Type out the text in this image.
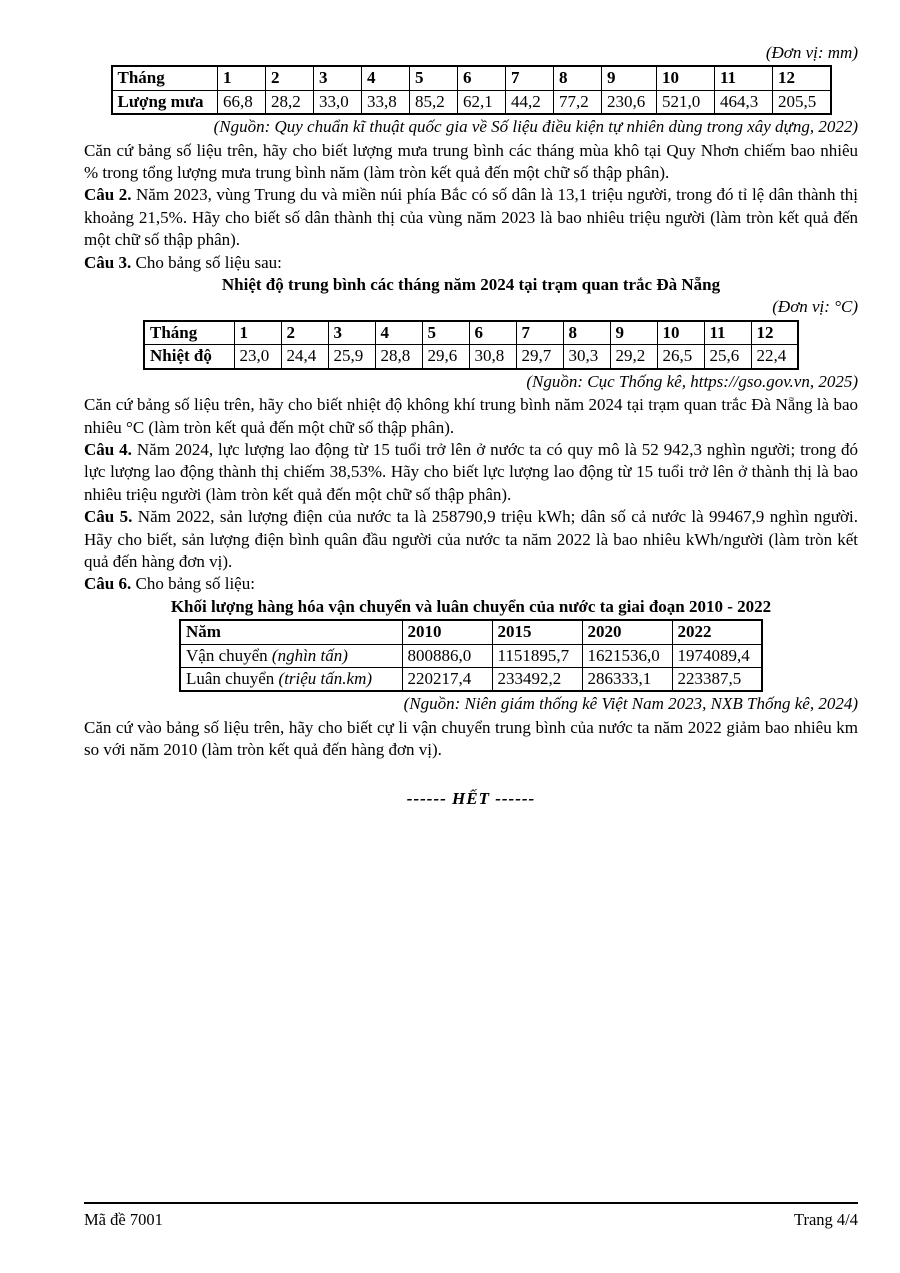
(Đơn vị: mm)
Tháng	1	2	3	4	5	6	7	8	9	10	11	12
Lượng mưa	66,8	28,2	33,0	33,8	85,2	62,1	44,2	77,2	230,6	521,0	464,3	205,5
(Nguồn: Quy chuẩn kĩ thuật quốc gia về Số liệu điều kiện tự nhiên dùng trong xây dựng, 2022)

Căn cứ bảng số liệu trên, hãy cho biết lượng mưa trung bình các tháng mùa khô tại Quy Nhơn chiếm bao nhiêu % trong tổng lượng mưa trung bình năm (làm tròn kết quả đến một chữ số thập phân).

Câu 2. Năm 2023, vùng Trung du và miền núi phía Bắc có số dân là 13,1 triệu người, trong đó tỉ lệ dân thành thị khoảng 21,5%. Hãy cho biết số dân thành thị của vùng năm 2023 là bao nhiêu triệu người (làm tròn kết quả đến một chữ số thập phân).

Câu 3. Cho bảng số liệu sau:

Nhiệt độ trung bình các tháng năm 2024 tại trạm quan trắc Đà Nẵng
(Đơn vị: °C)
Tháng	1	2	3	4	5	6	7	8	9	10	11	12
Nhiệt độ	23,0	24,4	25,9	28,8	29,6	30,8	29,7	30,3	29,2	26,5	25,6	22,4
(Nguồn: Cục Thống kê, https://gso.gov.vn, 2025)

Căn cứ bảng số liệu trên, hãy cho biết nhiệt độ không khí trung bình năm 2024 tại trạm quan trắc Đà Nẵng là bao nhiêu °C (làm tròn kết quả đến một chữ số thập phân).

Câu 4. Năm 2024, lực lượng lao động từ 15 tuổi trở lên ở nước ta có quy mô là 52 942,3 nghìn người; trong đó lực lượng lao động thành thị chiếm 38,53%. Hãy cho biết lực lượng lao động từ 15 tuổi trở lên ở thành thị là bao nhiêu triệu người (làm tròn kết quả đến một chữ số thập phân).

Câu 5. Năm 2022, sản lượng điện của nước ta là 258790,9 triệu kWh; dân số cả nước là 99467,9 nghìn người. Hãy cho biết, sản lượng điện bình quân đầu người của nước ta năm 2022 là bao nhiêu kWh/người (làm tròn kết quả đến hàng đơn vị).

Câu 6. Cho bảng số liệu:

Khối lượng hàng hóa vận chuyển và luân chuyển của nước ta giai đoạn 2010 - 2022
Năm	2010	2015	2020	2022
Vận chuyển (nghìn tấn)	800886,0	1151895,7	1621536,0	1974089,4
Luân chuyển (triệu tấn.km)	220217,4	233492,2	286333,1	223387,5
(Nguồn: Niên giám thống kê Việt Nam 2023, NXB Thống kê, 2024)

Căn cứ vào bảng số liệu trên, hãy cho biết cự li vận chuyển trung bình của nước ta năm 2022 giảm bao nhiêu km so với năm 2010 (làm tròn kết quả đến hàng đơn vị).

------ HẾT ------
Mã đề 7001	Trang 4/4
